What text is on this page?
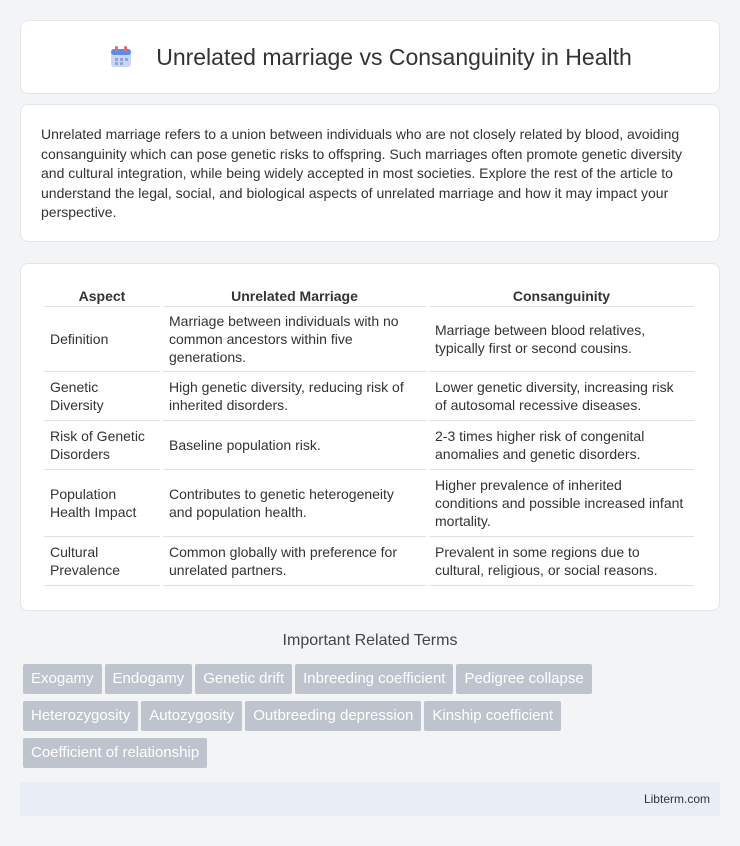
Unrelated marriage vs Consanguinity in Health

Unrelated marriage refers to a union between individuals who are not closely related by blood, avoiding consanguinity which can pose genetic risks to offspring. Such marriages often promote genetic diversity and cultural integration, while being widely accepted in most societies. Explore the rest of the article to understand the legal, social, and biological aspects of unrelated marriage and how it may impact your perspective.

Aspect	Unrelated Marriage	Consanguinity
Definition	Marriage between individuals with no common ancestors within five generations.	Marriage between blood relatives, typically first or second cousins.
Genetic Diversity	High genetic diversity, reducing risk of inherited disorders.	Lower genetic diversity, increasing risk of autosomal recessive diseases.
Risk of Genetic Disorders	Baseline population risk.	2-3 times higher risk of congenital anomalies and genetic disorders.
Population Health Impact	Contributes to genetic heterogeneity and population health.	Higher prevalence of inherited conditions and possible increased infant mortality.
Cultural Prevalence	Common globally with preference for unrelated partners.	Prevalent in some regions due to cultural, religious, or social reasons.
Important Related Terms
Exogamy Endogamy Genetic drift Inbreeding coefficient Pedigree collapse
Heterozygosity Autozygosity Outbreeding depression Kinship coefficient
Coefficient of relationship
Libterm.com
